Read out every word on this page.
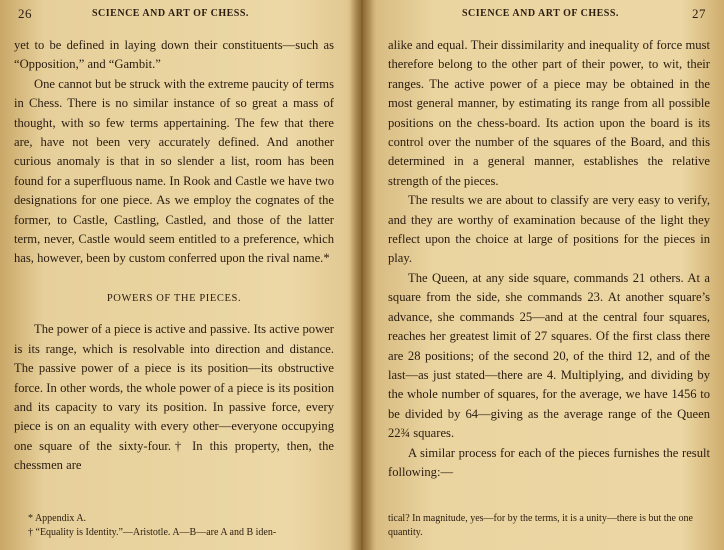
26	SCIENCE AND ART OF CHESS.

yet to be defined in laying down their constituents—such as “Opposition,” and “Gambit.”

One cannot but be struck with the extreme paucity of terms in Chess. There is no similar instance of so great a mass of thought, with so few terms appertaining. The few that there are, have not been very accurately defined. And another curious anomaly is that in so slender a list, room has been found for a superfluous name. In Rook and Castle we have two designations for one piece. As we employ the cognates of the former, to Castle, Castling, Castled, and those of the latter term, never, Castle would seem entitled to a preference, which has, however, been by custom conferred upon the rival name.*

POWERS OF THE PIECES.

The power of a piece is active and passive. Its active power is its range, which is resolvable into direction and distance. The passive power of a piece is its position—its obstructive force. In other words, the whole power of a piece is its position and its capacity to vary its position. In passive force, every piece is on an equality with every other—everyone occupying one square of the sixty-four.† In this property, then, the chessmen are

* Appendix A.

† “Equality is Identity.”—Aristotle. A—B—are A and B iden-

SCIENCE AND ART OF CHESS.	27

alike and equal. Their dissimilarity and inequality of force must therefore belong to the other part of their power, to wit, their ranges. The active power of a piece may be obtained in the most general manner, by estimating its range from all possible positions on the chess-board. Its action upon the board is its control over the number of the squares of the Board, and this determined in a general manner, establishes the relative strength of the pieces.

The results we are about to classify are very easy to verify, and they are worthy of examination because of the light they reflect upon the choice at large of positions for the pieces in play.

The Queen, at any side square, commands 21 others. At a square from the side, she commands 23. At another square’s advance, she commands 25—and at the central four squares, reaches her greatest limit of 27 squares. Of the first class there are 28 positions; of the second 20, of the third 12, and of the last—as just stated—there are 4. Multiplying, and dividing by the whole number of squares, for the average, we have 1456 to be divided by 64—giving as the average range of the Queen 22¾ squares.

A similar process for each of the pieces furnishes the result following:—

tical? In magnitude, yes—for by the terms, it is a unity—there is but the one quantity.
